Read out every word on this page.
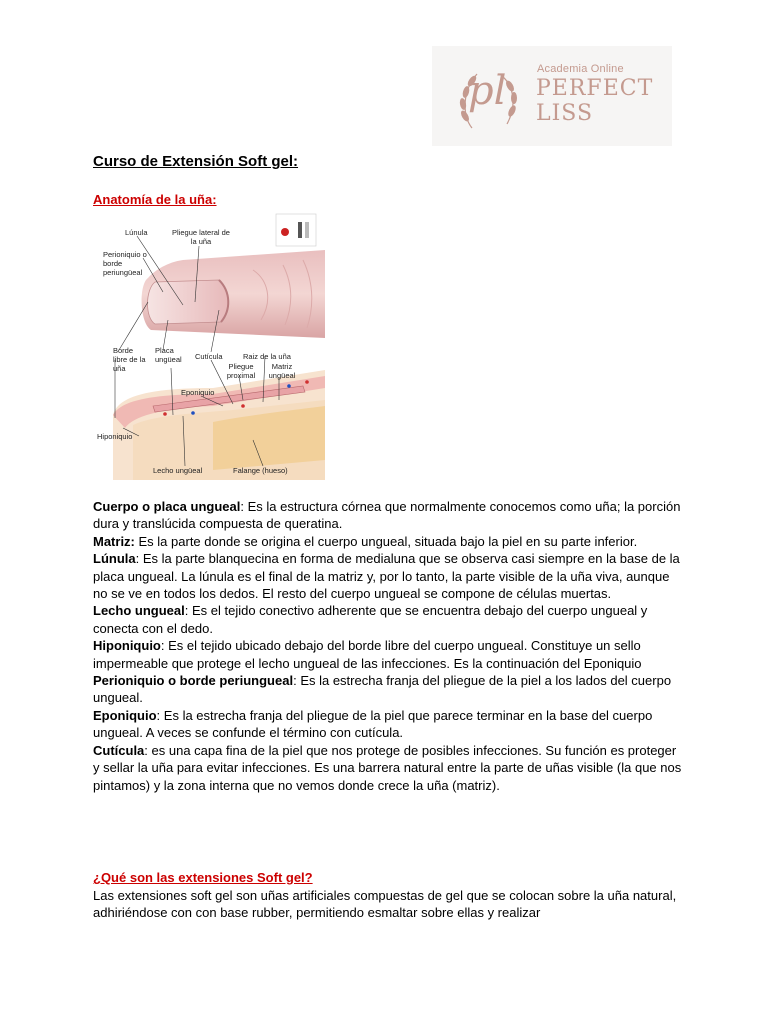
pl	Academia Online
PERFECT
LISS
Curso de Extensión Soft gel:
Anatomía de la uña:
Lúnula	Pliegue lateral de la uña
Perioniquio o borde periungüeal
Borde libre de la uña
Placa ungüeal	Cutícula	Raiz de la uña
Pliegue proximal
Matriz ungüeal
Eponiquio
Hiponiquio
Lecho ungüeal	Falange (hueso)

Cuerpo o placa ungueal: Es la estructura córnea que normalmente conocemos como uña; la porción dura y translúcida compuesta de queratina.

Matriz: Es la parte donde se origina el cuerpo ungueal, situada bajo la piel en su parte inferior.

Lúnula: Es la parte blanquecina en forma de medialuna que se observa casi siempre en la base de la placa ungueal. La lúnula es el final de la matriz y, por lo tanto, la parte visible de la uña viva, aunque no se ve en todos los dedos. El resto del cuerpo ungueal se compone de células muertas.

Lecho ungueal: Es el tejido conectivo adherente que se encuentra debajo del cuerpo ungueal y conecta con el dedo.

Hiponiquio: Es el tejido ubicado debajo del borde libre del cuerpo ungueal. Constituye un sello impermeable que protege el lecho ungueal de las infecciones. Es la continuación del Eponiquio

Perioniquio o borde periungueal: Es la estrecha franja del pliegue de la piel a los lados del cuerpo ungueal.

Eponiquio: Es la estrecha franja del pliegue de la piel que parece terminar en la base del cuerpo ungueal. A veces se confunde el término con cutícula.

Cutícula: es una capa fina de la piel que nos protege de posibles infecciones. Su función es proteger y sellar la uña para evitar infecciones. Es una barrera natural entre la parte de uñas visible (la que nos pintamos) y la zona interna que no vemos donde crece la uña (matriz).

¿Qué son las extensiones Soft gel?
Las extensiones soft gel son uñas artificiales compuestas de gel que se colocan sobre la uña natural, adhiriéndose con con base rubber, permitiendo esmaltar sobre ellas y realizar
